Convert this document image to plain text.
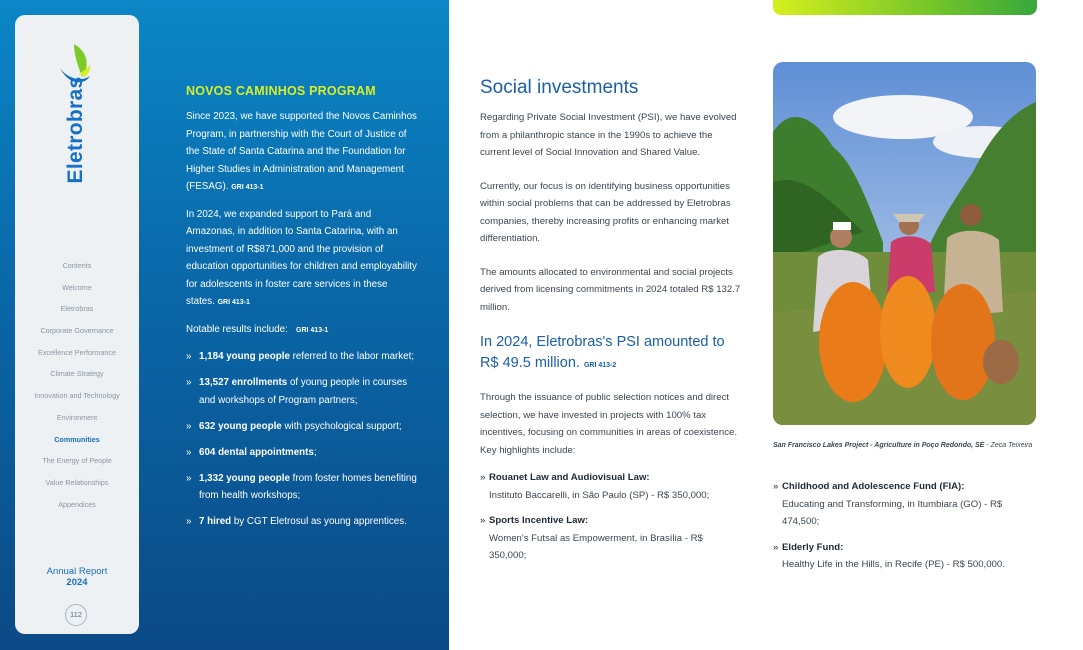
Eletrobras
Contents
Welcome
Eletrobras
Corporate Governance
Excellence Performance
Climate Strategy
Innovation and Technology
Environment
Communities
The Energy of People
Value Relationships
Appendices
Annual Report
2024
112
NOVOS CAMINHOS PROGRAM

Since 2023, we have supported the Novos Caminhos Program, in partnership with the Court of Justice of the State of Santa Catarina and the Foundation for Higher Studies in Administration and Management (FESAG). GRI 413-1

In 2024, we expanded support to Pará and Amazonas, in addition to Santa Catarina, with an investment of R$871,000 and the provision of education opportunities for children and employability for adolescents in foster care services in these states. GRI 413-1

Notable results include: GRI 413-1

» 1,184 young people referred to the labor market;
» 13,527 enrollments of young people in courses and workshops of Program partners;
» 632 young people with psychological support;
» 604 dental appointments;
» 1,332 young people from foster homes benefiting from health workshops;
» 7 hired by CGT Eletrosul as young apprentices.
Social investments

Regarding Private Social Investment (PSI), we have evolved from a philanthropic stance in the 1990s to achieve the current level of Social Innovation and Shared Value.

Currently, our focus is on identifying business opportunities within social problems that can be addressed by Eletrobras companies, thereby increasing profits or enhancing market differentiation.

The amounts allocated to environmental and social projects derived from licensing commitments in 2024 totaled R$ 132.7 million.

In 2024, Eletrobras's PSI amounted to R$ 49.5 million. GRI 413-2

Through the issuance of public selection notices and direct selection, we have invested in projects with 100% tax incentives, focusing on communities in areas of coexistence. Key highlights include:

» Rouanet Law and Audiovisual Law:
Instituto Baccarelli, in São Paulo (SP) - R$ 350,000;
» Sports Incentive Law:
Women's Futsal as Empowerment, in Brasília - R$ 350,000;
San Francisco Lakes Project - Agriculture in Poço Redondo, SE - Zeca Teixeira
» Childhood and Adolescence Fund (FIA):
Educating and Transforming, in Itumbiara (GO) - R$ 474,500;
» Elderly Fund:
Healthy Life in the Hills, in Recife (PE) - R$ 500,000.
